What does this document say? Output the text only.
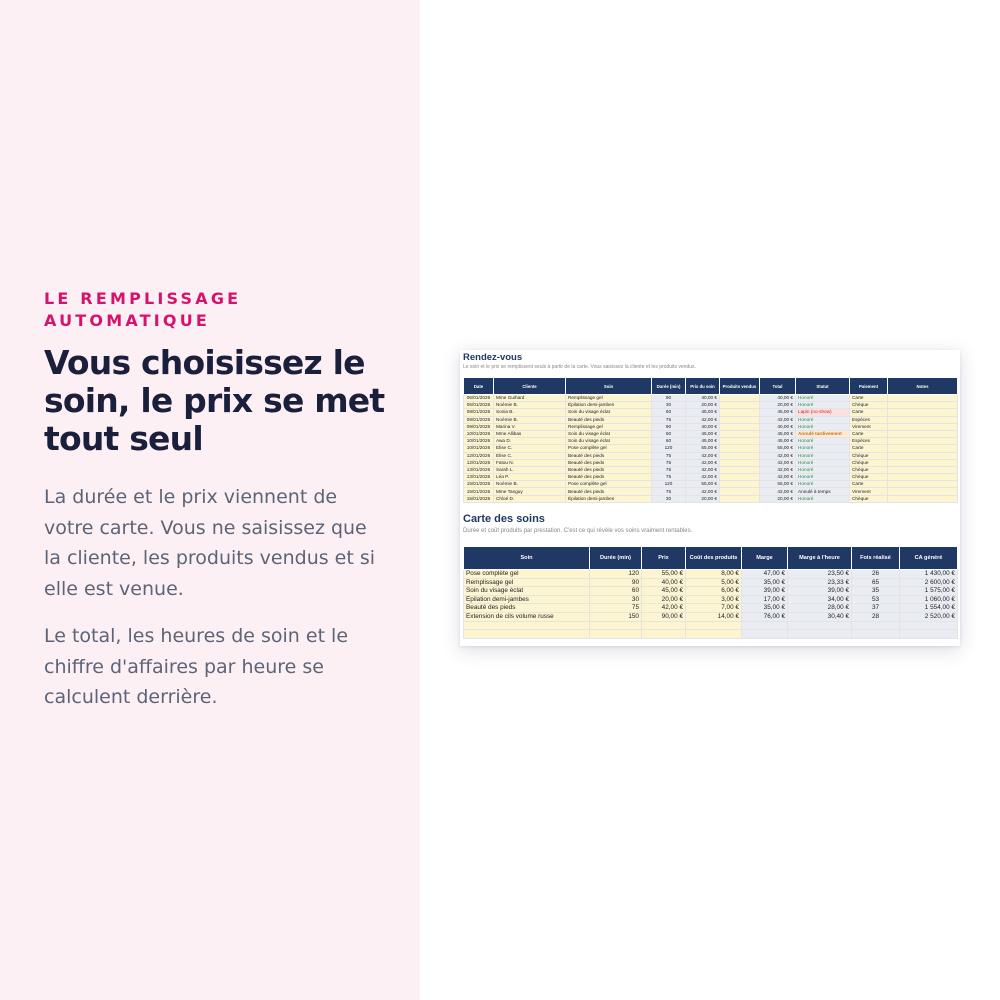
LE REMPLISSAGE AUTOMATIQUE
Vous choisissez le soin, le prix se met tout seul

La durée et le prix viennent de votre carte. Vous ne saisissez que la cliente, les produits vendus et si elle est venue.

Le total, les heures de soin et le chiffre d'affaires par heure se calculent derrière.

Rendez-vous
Le soin et le prix se remplissent seuls à partir de la carte. Vous saisissez la cliente et les produits vendus.
Date	Cliente	Soin	Durée (min)	Prix du soin	Produits vendus	Total	Statut	Paiement	Notes
06/01/2026	Mme Guihard	Remplissage gel	90	40,00 €		40,00 €	Honoré	Carte	
06/01/2026	Noémie B.	Épilation demi-jambes	30	20,00 €		20,00 €	Honoré	Chèque	
08/01/2026	Sonia B.	Soin du visage éclat	60	45,00 €		45,00 €	Lapin (no-show)	Carte	
09/01/2026	Noémie B.	Beauté des pieds	75	42,00 €		42,00 €	Honoré	Espèces	
09/01/2026	Marina V.	Remplissage gel	90	40,00 €		40,00 €	Honoré	Virement	
10/01/2026	Mme Allibas	Soin du visage éclat	60	45,00 €		45,00 €	Annulé tardivement	Carte	
10/01/2026	Awa D.	Soin du visage éclat	60	45,00 €		45,00 €	Honoré	Espèces	
10/01/2026	Elise C.	Pose complète gel	120	55,00 €		55,00 €	Honoré	Carte	
12/01/2026	Elise C.	Beauté des pieds	75	42,00 €		42,00 €	Honoré	Chèque	
12/01/2026	Fatou N.	Beauté des pieds	75	42,00 €		42,00 €	Honoré	Chèque	
13/01/2026	Sarah L.	Beauté des pieds	75	42,00 €		42,00 €	Honoré	Chèque	
13/01/2026	Léa P.	Beauté des pieds	75	42,00 €		42,00 €	Honoré	Chèque	
15/01/2026	Noémie B.	Pose complète gel	120	55,00 €		55,00 €	Honoré	Carte	
15/01/2026	Mme Tanguy	Beauté des pieds	75	42,00 €		42,00 €	Annulé à temps	Virement	
15/01/2026	Chloé D.	Épilation demi-jambes	30	20,00 €		20,00 €	Honoré	Chèque	
Carte des soins
Durée et coût produits par prestation. C'est ce qui révèle vos soins vraiment rentables.
Soin	Durée (min)	Prix	Coût des produits	Marge	Marge à l'heure	Fois réalisé	CA généré
Pose complète gel	120	55,00 €	8,00 €	47,00 €	23,50 €	26	1 430,00 €
Remplissage gel	90	40,00 €	5,00 €	35,00 €	23,33 €	65	2 600,00 €
Soin du visage éclat	60	45,00 €	6,00 €	39,00 €	39,00 €	35	1 575,00 €
Épilation demi-jambes	30	20,00 €	3,00 €	17,00 €	34,00 €	53	1 060,00 €
Beauté des pieds	75	42,00 €	7,00 €	35,00 €	28,00 €	37	1 554,00 €
Extension de cils volume russe	150	90,00 €	14,00 €	76,00 €	30,40 €	28	2 520,00 €
